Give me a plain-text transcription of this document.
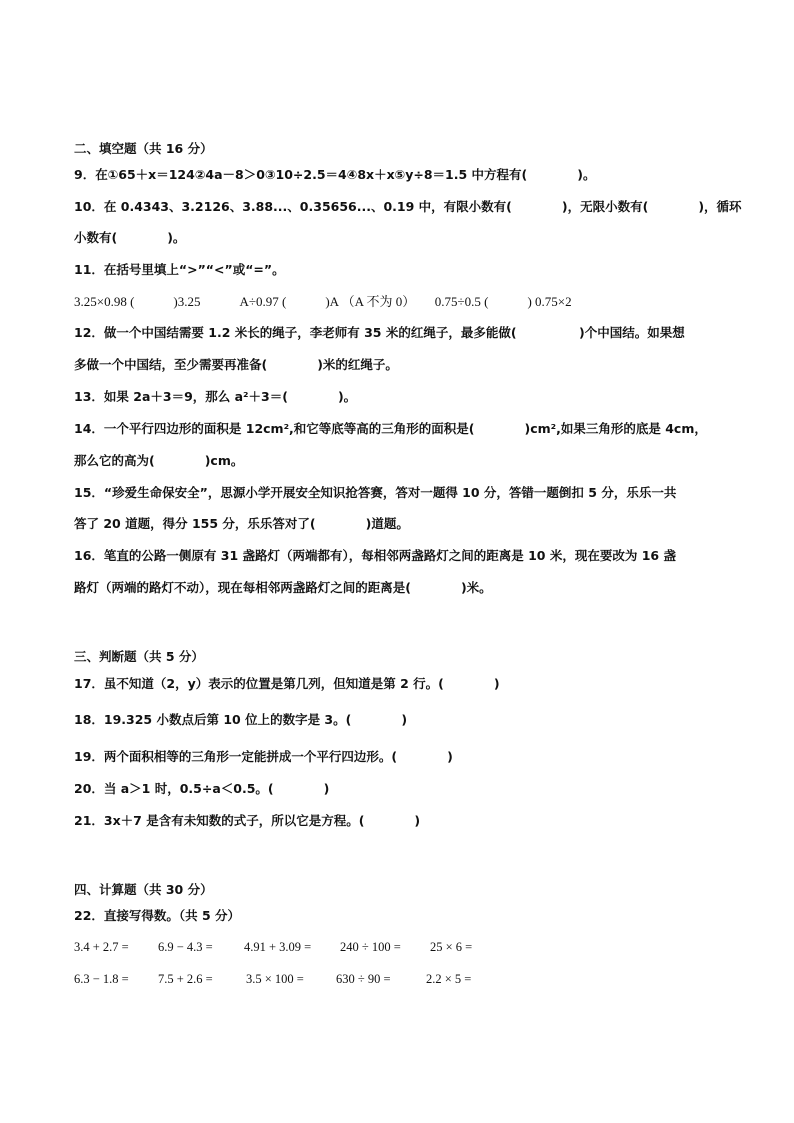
二、填空题（共 16 分）
9．在①65＋x＝124②4a－8＞0③10÷2.5＝4④8x＋x⑤y÷8＝1.5 中方程有(　　　　)。
10．在 0.4343、3.2126、3.88...、0.35656...、0.19 中，有限小数有(　　　　)，无限小数有(　　　　)，循环
小数有(　　　　)。
11．在括号里填上“>”“<”或“=”。
3.25×0.98 (　　　)3.25　　　A÷0.97 (　　　)A （A 不为 0）　　0.75÷0.5 (　　　) 0.75×2
12．做一个中国结需要 1.2 米长的绳子，李老师有 35 米的红绳子，最多能做(　　　　　)个中国结。如果想
多做一个中国结，至少需要再准备(　　　　)米的红绳子。
13．如果 2a＋3＝9，那么 a²＋3＝(　　　　)。
14．一个平行四边形的面积是 12cm²,和它等底等高的三角形的面积是(　　　　)cm²,如果三角形的底是 4cm，
那么它的高为(　　　　)cm。
15．“珍爱生命保安全”，思源小学开展安全知识抢答赛，答对一题得 10 分，答错一题倒扣 5 分，乐乐一共
答了 20 道题，得分 155 分，乐乐答对了(　　　　)道题。
16．笔直的公路一侧原有 31 盏路灯（两端都有），每相邻两盏路灯之间的距离是 10 米，现在要改为 16 盏
路灯（两端的路灯不动），现在每相邻两盏路灯之间的距离是(　　　　)米。
三、判断题（共 5 分）
17．虽不知道（2，y）表示的位置是第几列，但知道是第 2 行。(　　　　)
18．19.325 小数点后第 10 位上的数字是 3。(　　　　)
19．两个面积相等的三角形一定能拼成一个平行四边形。(　　　　)
20．当 a＞1 时，0.5÷a＜0.5。(　　　　)
21．3x＋7 是含有未知数的式子，所以它是方程。(　　　　)
四、计算题（共 30 分）
22．直接写得数。（共 5 分）
3.4 + 2.7 = 6.9 − 4.3 =	4.91 + 3.09 = 240 ÷ 100 = 25 × 6 =
6.3 − 1.8 = 7.5 + 2.6 =	3.5 × 100 =	630 ÷ 90 =	2.2 × 5 =
